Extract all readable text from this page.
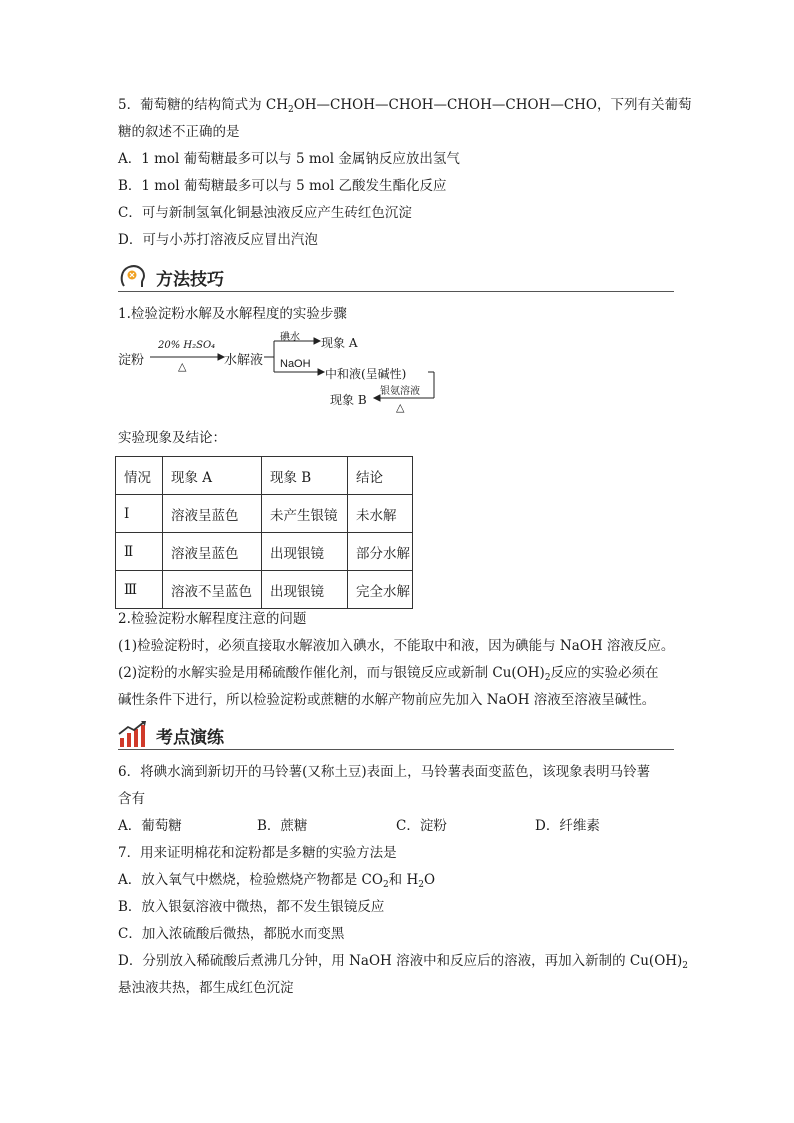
5．葡萄糖的结构简式为 $CH_2OH—CHOH—CHOH—CHOH—CHOH—CHO$，下列有关葡萄
糖的叙述不正确的是
A．1 mol 葡萄糖最多可以与 5 mol 金属钠反应放出氢气
B．1 mol 葡萄糖最多可以与 5 mol 乙酸发生酯化反应
C．可与新制氢氧化铜悬浊液反应产生砖红色沉淀
D．可与小苏打溶液反应冒出汽泡
方法技巧
1.检验淀粉水解及水解程度的实验步骤
淀粉
20% H₂SO₄
△	水解液
碘水 现象 A
NaOH
中和液(呈碱性)
银氨溶液
现象 B
△
实验现象及结论：
情况	现象 A	现象 B	结论
Ⅰ	溶液呈蓝色	未产生银镜	未水解
Ⅱ	溶液呈蓝色	出现银镜	部分水解
Ⅲ	溶液不呈蓝色	出现银镜	完全水解
2.检验淀粉水解程度注意的问题
(1)检验淀粉时，必须直接取水解液加入碘水，不能取中和液，因为碘能与 NaOH 溶液反应。
(2)淀粉的水解实验是用稀硫酸作催化剂，而与银镜反应或新制 $Cu(OH)_2$反应的实验必须在
碱性条件下进行，所以检验淀粉或蔗糖的水解产物前应先加入 NaOH 溶液至溶液呈碱性。
考点演练
6．将碘水滴到新切开的马铃薯(又称土豆)表面上，马铃薯表面变蓝色，该现象表明马铃薯
含有
A．葡萄糖	B．蔗糖	C．淀粉	D．纤维素
7．用来证明棉花和淀粉都是多糖的实验方法是
A．放入氧气中燃烧，检验燃烧产物都是 $CO_2$和 $H_2O$
B．放入银氨溶液中微热，都不发生银镜反应
C．加入浓硫酸后微热，都脱水而变黑
D．分别放入稀硫酸后煮沸几分钟，用 NaOH 溶液中和反应后的溶液，再加入新制的 $Cu(OH)_2$
悬浊液共热，都生成红色沉淀
